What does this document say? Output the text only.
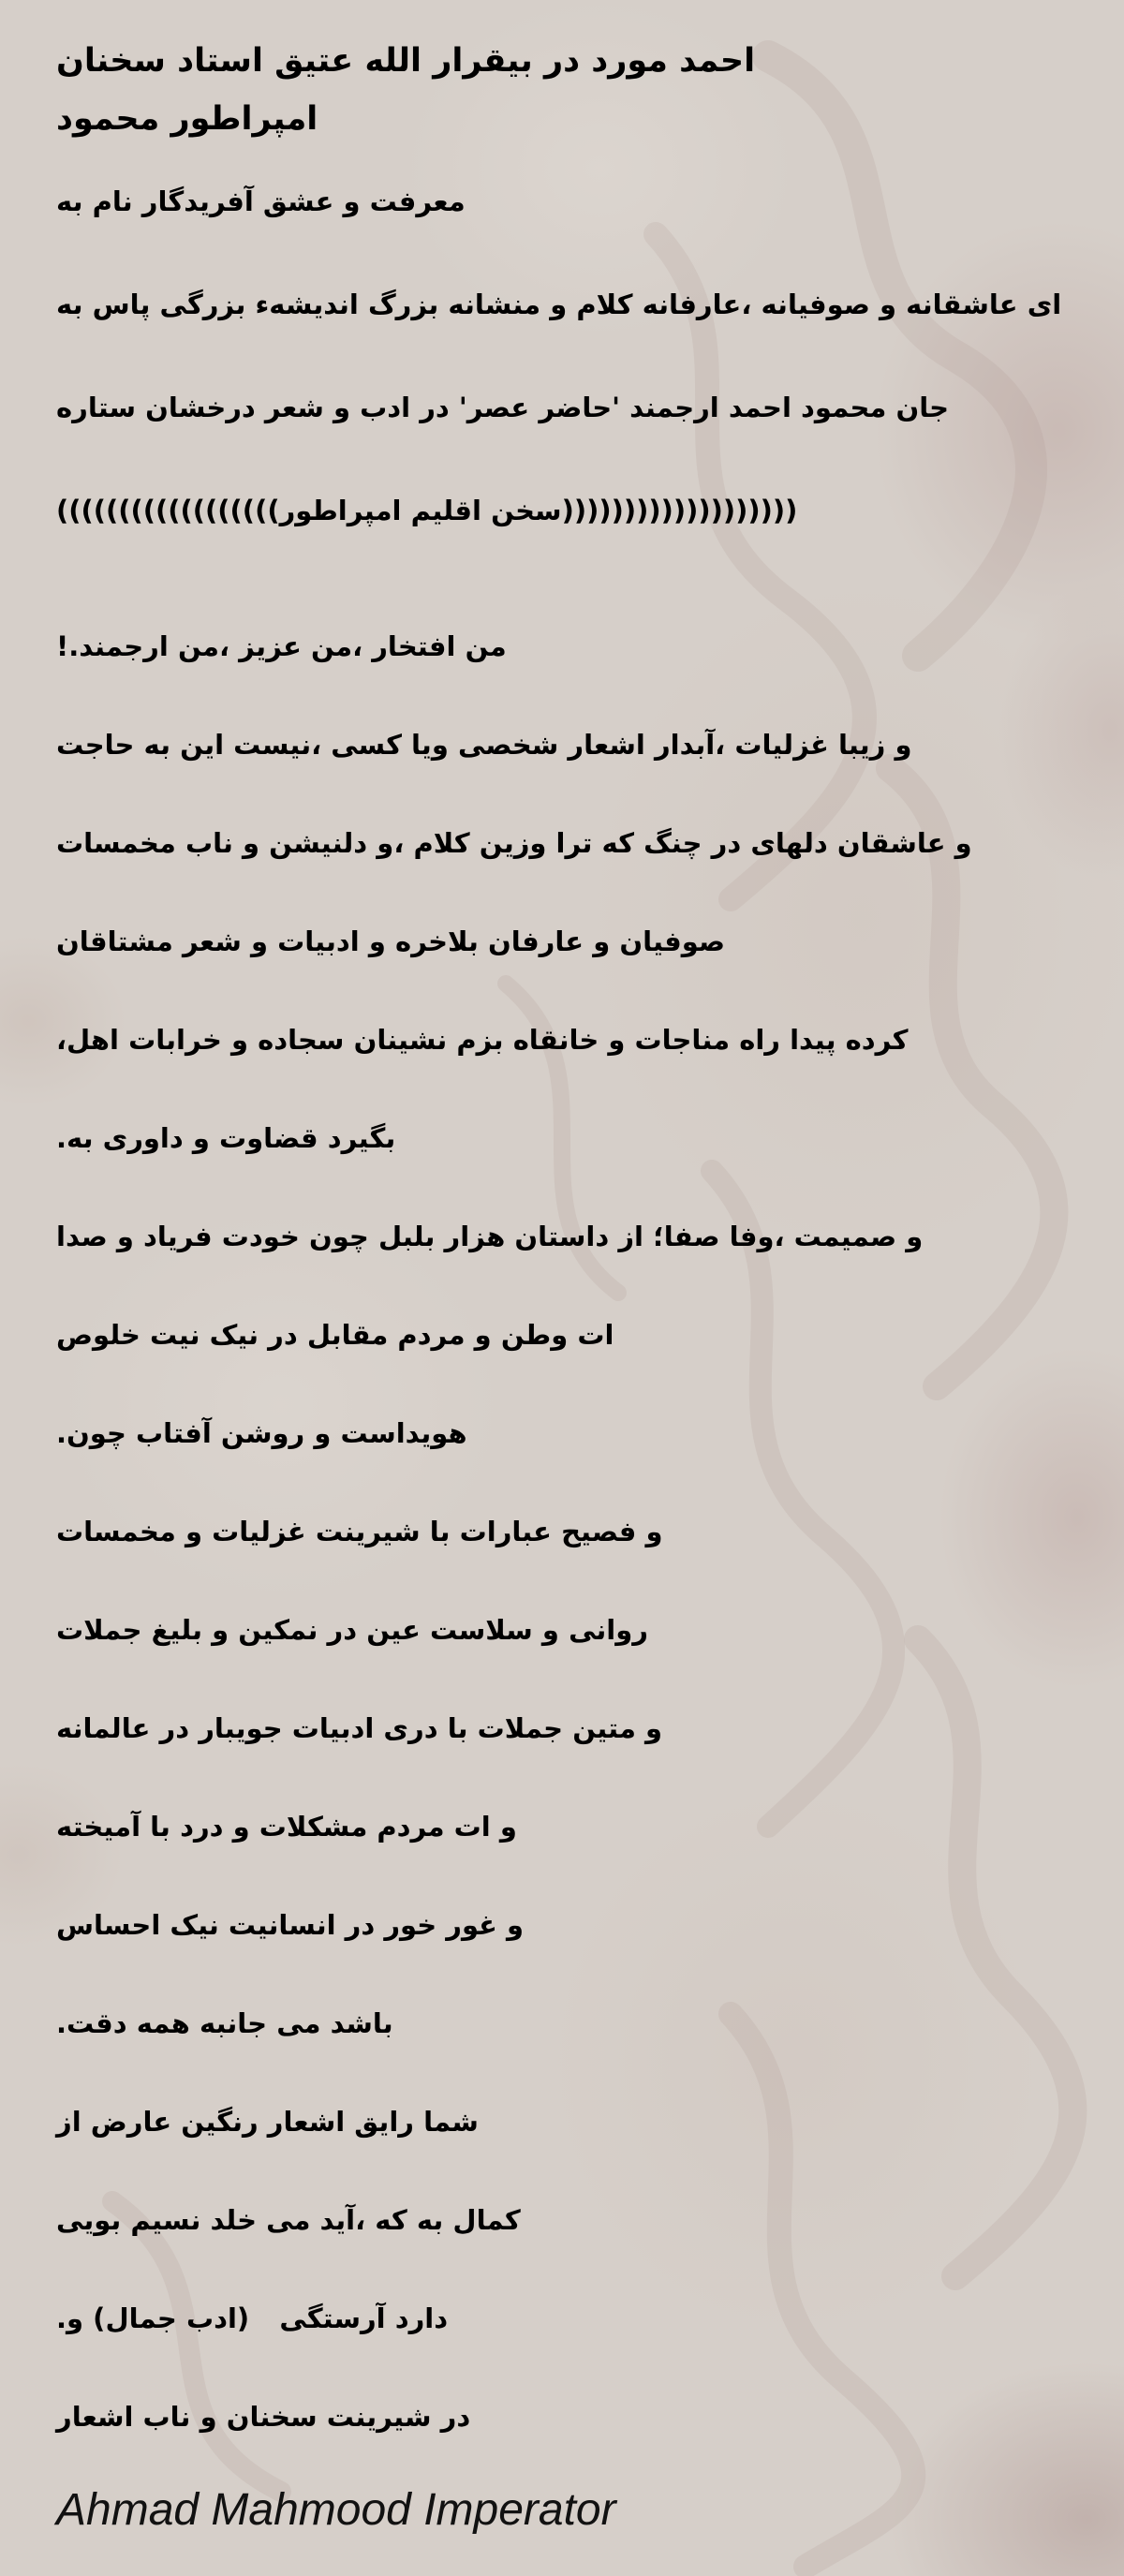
سخنان استاد عتیق الله بیقرار در مورد احمد
محمود امپراطور
به نام آفریدگار عشق و معرفت
به پاس بزرگی اندیشهء بزرگ منشانه و کلام عارفانه، صوفیانه و عاشقانه ای
ستاره درخشان شعر و ادب در 'عصر حاضر' ارجمند احمد محمود جان
((((((((((((((((((امپراطور اقلیم سخن)))))))))))))))))))
!.ارجمند من، عزیز من، افتخار من
حاجت به این نیست، کسی ویا شخصی اشعار آبدار، غزلیات زیبا و
مخمسات ناب و دلنیشن و، کلام وزین ترا که چنگ در دلهای عاشقان و
مشتاقان شعر و ادبیات و بلاخره عارفان و صوفیان
،اهل خرابات و سجاده نشینان بزم خانقاه و مناجات راه پیدا کرده
.به داوری و قضاوت بگیرد
صدا و فریاد خودت چون بلبل هزار داستان از صفا؛ وفا، صمیمت و
خلوص نیت نیک در مقابل مردم و وطن ات
.چون آفتاب روشن و هویداست
مخمسات و غزلیات شیرینت با عبارات فصیح و
جملات بلیغ و نمکین در عین سلاست و روانی
عالمانه در جویبار ادبیات دری با جملات متین و
آمیخته با درد و مشکلات مردم ات و
احساس نیک انسانیت در خور غور و
.دقت همه جانبه می باشد
از عارض رنگین اشعار رایق شما
بویی نسیم خلد می آید، که به کمال
.و (جمال ادب) آرستگی دارد
اشعار ناب و سخنان شیرینت در
Ahmad Mahmood Imperator
